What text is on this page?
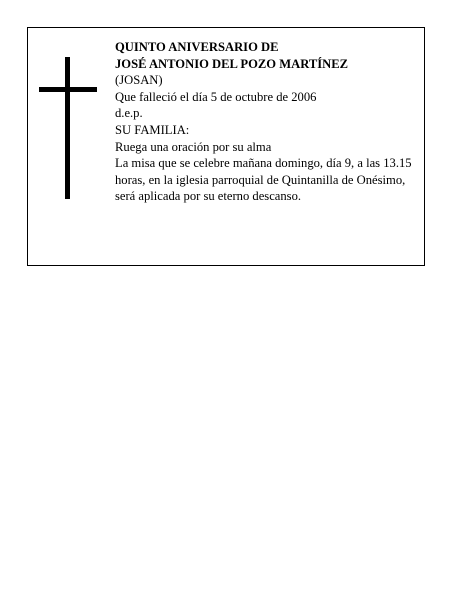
QUINTO ANIVERSARIO DE
JOSÉ ANTONIO DEL POZO MARTÍNEZ
(JOSAN)
Que falleció el día 5 de octubre de 2006
d.e.p.
SU FAMILIA:
Ruega una oración por su alma
La misa que se celebre mañana domingo, día 9, a las 13.15 horas, en la iglesia parroquial de Quintanilla de Onésimo, será aplicada por su eterno descanso.
